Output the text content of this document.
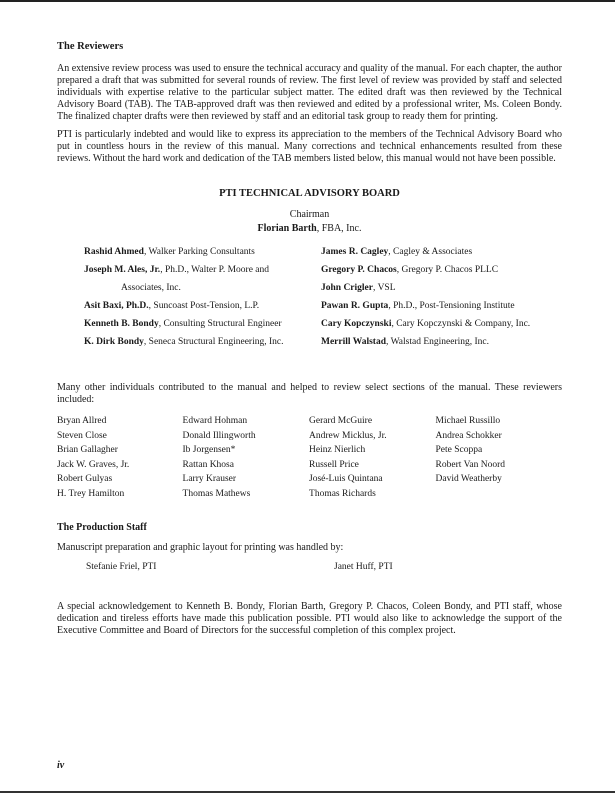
The Reviewers

An extensive review process was used to ensure the technical accuracy and quality of the manual. For each chapter, the author prepared a draft that was submitted for several rounds of review. The first level of review was provided by staff and selected individuals with expertise relative to the particular subject matter. The edited draft was then reviewed by the Technical Advisory Board (TAB). The TAB-approved draft was then reviewed and edited by a professional writer, Ms. Coleen Bondy. The finalized chapter drafts were then reviewed by staff and an editorial task group to ready them for printing.

PTI is particularly indebted and would like to express its appreciation to the members of the Technical Advisory Board who put in countless hours in the review of this manual. Many corrections and technical enhancements resulted from these reviews. Without the hard work and dedication of the TAB members listed below, this manual would not have been possible.

PTI TECHNICAL ADVISORY BOARD
Chairman
Florian Barth, FBA, Inc.
Rashid Ahmed, Walker Parking Consultants
Joseph M. Ales, Jr., Ph.D., Walter P. Moore and
Associates, Inc.
Asit Baxi, Ph.D., Suncoast Post-Tension, L.P.
Kenneth B. Bondy, Consulting Structural Engineer
K. Dirk Bondy, Seneca Structural Engineering, Inc.
James R. Cagley, Cagley & Associates
Gregory P. Chacos, Gregory P. Chacos PLLC
John Crigler, VSL
Pawan R. Gupta, Ph.D., Post-Tensioning Institute
Cary Kopczynski, Cary Kopczynski & Company, Inc.
Merrill Walstad, Walstad Engineering, Inc.

Many other individuals contributed to the manual and helped to review select sections of the manual. These reviewers included:

Bryan Allred
Steven Close
Brian Gallagher
Jack W. Graves, Jr.
Robert Gulyas
H. Trey Hamilton
Edward Hohman
Donald Illingworth
Ib Jorgensen*
Rattan Khosa
Larry Krauser
Thomas Mathews
Gerard McGuire
Andrew Micklus, Jr.
Heinz Nierlich
Russell Price
José-Luis Quintana
Thomas Richards
Michael Russillo
Andrea Schokker
Pete Scoppa
Robert Van Noord
David Weatherby
The Production Staff
Manuscript preparation and graphic layout for printing was handled by:
Stefanie Friel, PTI	Janet Huff, PTI

A special acknowledgement to Kenneth B. Bondy, Florian Barth, Gregory P. Chacos, Coleen Bondy, and PTI staff, whose dedication and tireless efforts have made this publication possible. PTI would also like to acknowledge the support of the Executive Committee and Board of Directors for the successful completion of this complex project.

iv
